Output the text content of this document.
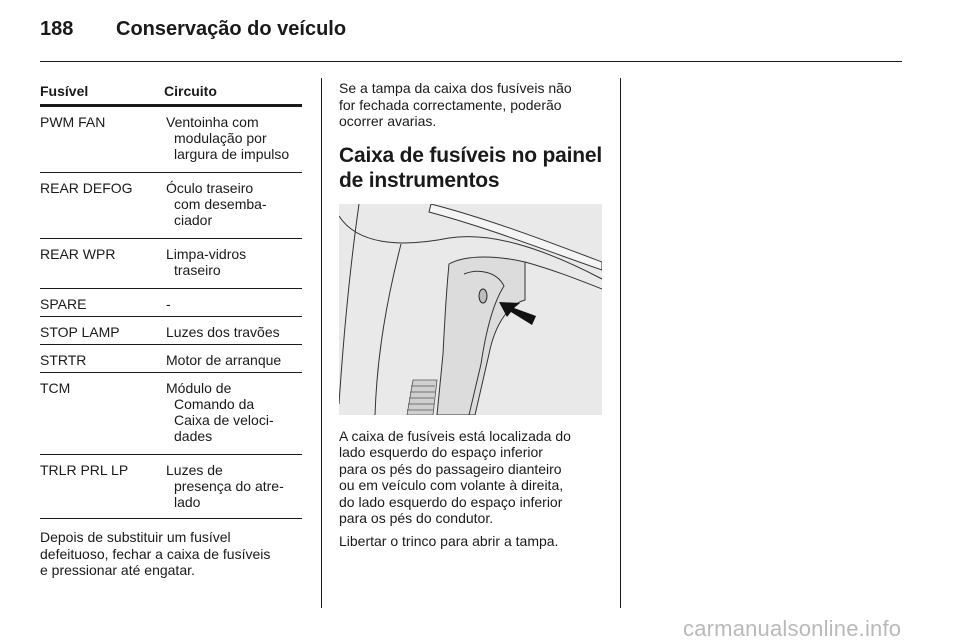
188 Conservação do veículo
Fusível	Circuito
PWM FAN	Ventoinha com
modulação por
largura de impulso
REAR DEFOG	Óculo traseiro
com desemba-
ciador
REAR WPR	Limpa-vidros
traseiro
SPARE	-
STOP LAMP	Luzes dos travões
STRTR	Motor de arranque
TCM	Módulo de
Comando da
Caixa de veloci-
dades
TRLR PRL LP	Luzes de
presença do atre-
lado

Depois de substituir um fusível
defeituoso, fechar a caixa de fusíveis
e pressionar até engatar.

Se a tampa da caixa dos fusíveis não
for fechada correctamente, poderão
ocorrer avarias.

Caixa de fusíveis no painel
de instrumentos

A caixa de fusíveis está localizada do
lado esquerdo do espaço inferior
para os pés do passageiro dianteiro
ou em veículo com volante à direita,
do lado esquerdo do espaço inferior
para os pés do condutor.

Libertar o trinco para abrir a tampa.

carmanualsonline.info
